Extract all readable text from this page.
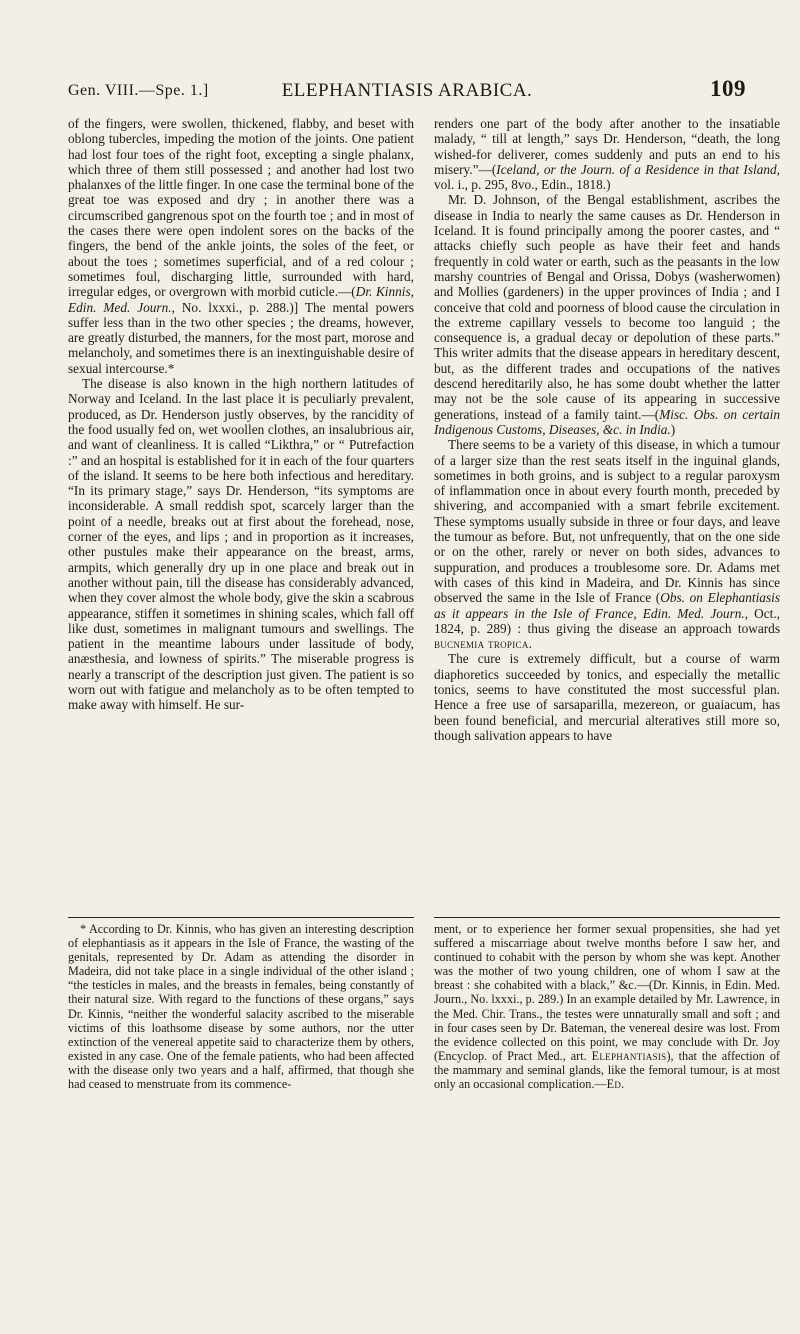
Gen. VIII.—Spe. 1.]	ELEPHANTIASIS ARABICA.	109

of the fingers, were swollen, thickened, flabby, and beset with oblong tubercles, impeding the motion of the joints. One patient had lost four toes of the right foot, excepting a single phalanx, which three of them still possessed ; and another had lost two phalanxes of the little finger. In one case the terminal bone of the great toe was exposed and dry ; in another there was a circumscribed gangrenous spot on the fourth toe ; and in most of the cases there were open indolent sores on the backs of the fingers, the bend of the ankle joints, the soles of the feet, or about the toes ; sometimes superficial, and of a red colour ; sometimes foul, discharging little, surrounded with hard, irregular edges, or overgrown with morbid cuticle.—(Dr. Kinnis, Edin. Med. Journ., No. lxxxi., p. 288.)] The mental powers suffer less than in the two other species ; the dreams, however, are greatly disturbed, the manners, for the most part, morose and melancholy, and sometimes there is an inextinguishable desire of sexual intercourse.*

The disease is also known in the high northern latitudes of Norway and Iceland. In the last place it is peculiarly prevalent, produced, as Dr. Henderson justly observes, by the rancidity of the food usually fed on, wet woollen clothes, an insalubrious air, and want of cleanliness. It is called “Likthra,” or “ Putrefaction :” and an hospital is established for it in each of the four quarters of the island. It seems to be here both infectious and hereditary. “In its primary stage,” says Dr. Henderson, “its symptoms are inconsiderable. A small reddish spot, scarcely larger than the point of a needle, breaks out at first about the forehead, nose, corner of the eyes, and lips ; and in proportion as it increases, other pustules make their appearance on the breast, arms, armpits, which generally dry up in one place and break out in another without pain, till the disease has considerably advanced, when they cover almost the whole body, give the skin a scabrous appearance, stiffen it sometimes in shining scales, which fall off like dust, sometimes in malignant tumours and swellings. The patient in the meantime labours under lassitude of body, anæsthesia, and lowness of spirits.” The miserable progress is nearly a transcript of the description just given. The patient is so worn out with fatigue and melancholy as to be often tempted to make away with himself. He sur-

renders one part of the body after another to the insatiable malady, “ till at length,” says Dr. Henderson, “death, the long wished-for deliverer, comes suddenly and puts an end to his misery.”—(Iceland, or the Journ. of a Residence in that Island, vol. i., p. 295, 8vo., Edin., 1818.)

Mr. D. Johnson, of the Bengal establishment, ascribes the disease in India to nearly the same causes as Dr. Henderson in Iceland. It is found principally among the poorer castes, and “ attacks chiefly such people as have their feet and hands frequently in cold water or earth, such as the peasants in the low marshy countries of Bengal and Orissa, Dobys (washerwomen) and Mollies (gardeners) in the upper provinces of India ; and I conceive that cold and poorness of blood cause the circulation in the extreme capillary vessels to become too languid ; the consequence is, a gradual decay or depolution of these parts.” This writer admits that the disease appears in hereditary descent, but, as the different trades and occupations of the natives descend hereditarily also, he has some doubt whether the latter may not be the sole cause of its appearing in successive generations, instead of a family taint.—(Misc. Obs. on certain Indigenous Customs, Diseases, &c. in India.)

There seems to be a variety of this disease, in which a tumour of a larger size than the rest seats itself in the inguinal glands, sometimes in both groins, and is subject to a regular paroxysm of inflammation once in about every fourth month, preceded by shivering, and accompanied with a smart febrile excitement. These symptoms usually subside in three or four days, and leave the tumour as before. But, not unfrequently, that on the one side or on the other, rarely or never on both sides, advances to suppuration, and produces a troublesome sore. Dr. Adams met with cases of this kind in Madeira, and Dr. Kinnis has since observed the same in the Isle of France (Obs. on Elephantiasis as it appears in the Isle of France, Edin. Med. Journ., Oct., 1824, p. 289) : thus giving the disease an approach towards bucnemia tropica.

The cure is extremely difficult, but a course of warm diaphoretics succeeded by tonics, and especially the metallic tonics, seems to have constituted the most successful plan. Hence a free use of sarsaparilla, mezereon, or guaiacum, has been found beneficial, and mercurial alteratives still more so, though salivation appears to have

* According to Dr. Kinnis, who has given an interesting description of elephantiasis as it appears in the Isle of France, the wasting of the genitals, represented by Dr. Adam as attending the disorder in Madeira, did not take place in a single individual of the other island ; “the testicles in males, and the breasts in females, being constantly of their natural size. With regard to the functions of these organs,” says Dr. Kinnis, “neither the wonderful salacity ascribed to the miserable victims of this loathsome disease by some authors, nor the utter extinction of the venereal appetite said to characterize them by others, existed in any case. One of the female patients, who had been affected with the disease only two years and a half, affirmed, that though she had ceased to menstruate from its commence-

ment, or to experience her former sexual propensities, she had yet suffered a miscarriage about twelve months before I saw her, and continued to cohabit with the person by whom she was kept. Another was the mother of two young children, one of whom I saw at the breast : she cohabited with a black,” &c.—(Dr. Kinnis, in Edin. Med. Journ., No. lxxxi., p. 289.) In an example detailed by Mr. Lawrence, in the Med. Chir. Trans., the testes were unnaturally small and soft ; and in four cases seen by Dr. Bateman, the venereal desire was lost. From the evidence collected on this point, we may conclude with Dr. Joy (Encyclop. of Pract Med., art. Elephantiasis), that the affection of the mammary and seminal glands, like the femoral tumour, is at most only an occasional complication.—Ed.
